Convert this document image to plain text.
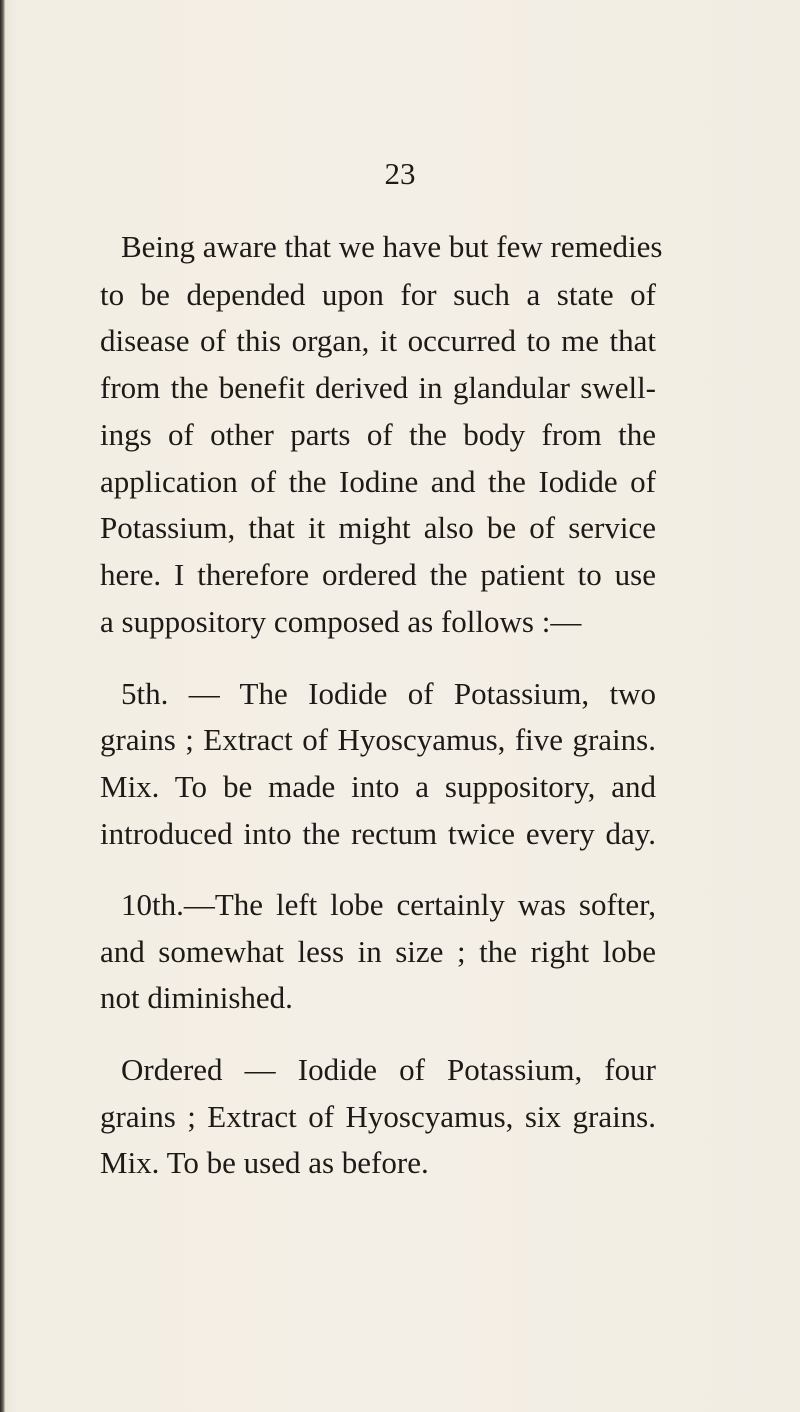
23
Being aware that we have but few remedies
to be depended upon for such a state of
disease of this organ, it occurred to me that
from the benefit derived in glandular swell-
ings of other parts of the body from the
application of the Iodine and the Iodide of
Potassium, that it might also be of service
here. I therefore ordered the patient to use
a suppository composed as follows :—
5th. — The Iodide of Potassium, two
grains ; Extract of Hyoscyamus, five grains.
Mix. To be made into a suppository, and
introduced into the rectum twice every day.
10th.—The left lobe certainly was softer,
and somewhat less in size ; the right lobe
not diminished.
Ordered — Iodide of Potassium, four
grains ; Extract of Hyoscyamus, six grains.
Mix. To be used as before.
